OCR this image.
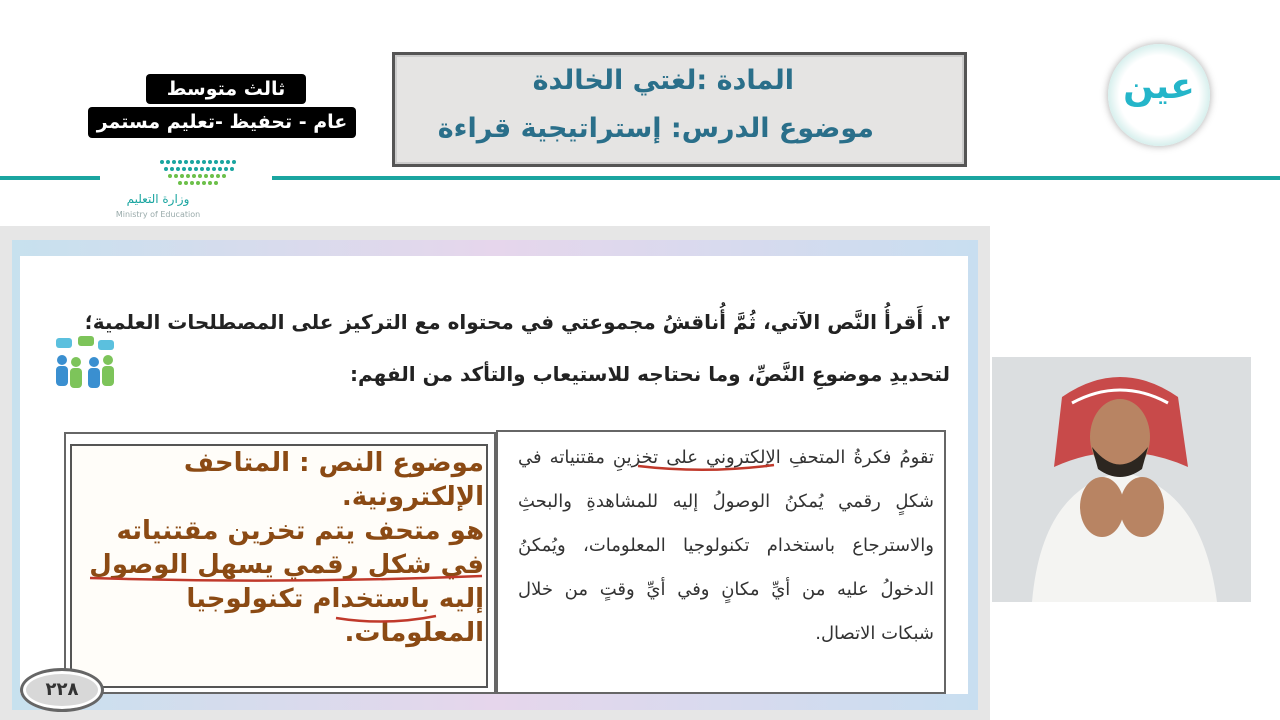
ثالث متوسط
عام - تحفيظ -تعليم مستمر
وزارة التعليم
Ministry of Education
المادة :لغتي الخالدة
موضوع الدرس: إستراتيجية قراءة
عين
٢. أَقرأُ النَّص الآتي، ثُمَّ أُناقشُ مجموعتي في محتواه مع التركيز على المصطلحات العلمية؛ لتحديدِ موضوعِ النَّصِّ، وما نحتاجه للاستيعاب والتأكد من الفهم:
موضوع النص : المتاحف الإلكترونية.
هو متحف يتم تخزين مقتنياته في شكل رقمي يسهل الوصول إليه باستخدام تكنولوجيا المعلومات.
تقومُ فكرةُ المتحفِ الإلكتروني على تخزينِ مقتنياته في شكلٍ رقمي يُمكنُ الوصولُ إليه للمشاهدةِ والبحثِ والاسترجاع باستخدام تكنولوجيا المعلومات، ويُمكنُ الدخولُ عليه من أيِّ مكانٍ وفي أيِّ وقتٍ من خلال شبكات الاتصال.
٢٢٨
